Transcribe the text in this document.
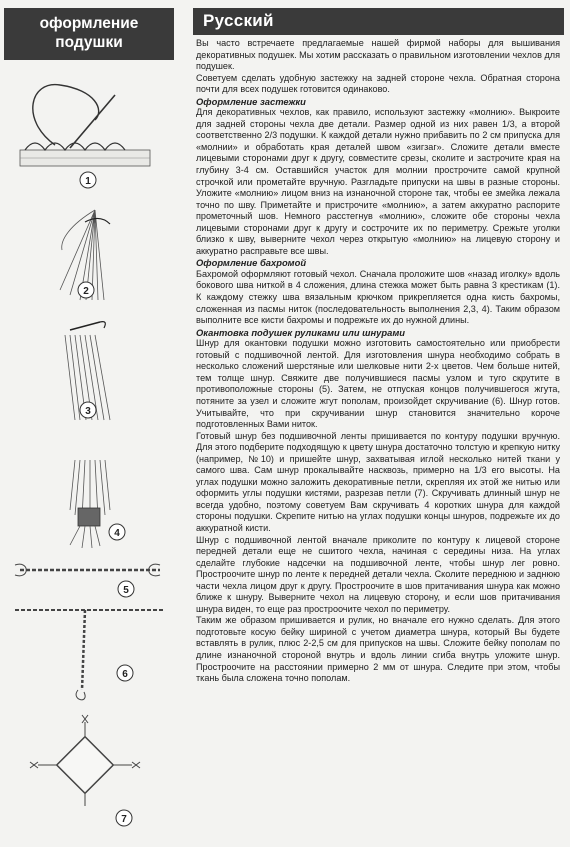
оформление
подушки
Русский
1
2
3
4
5
6
7

Вы часто встречаете предлагаемые нашей фирмой наборы для вышивания декоративных подушек. Мы хотим рассказать о правильном изготовлении чехлов для подушек.

Советуем сделать удобную застежку на задней стороне чехла. Обратная сторона почти для всех подушек готовится одинаково.

Оформление застежки

Для декоративных чехлов, как правило, используют застежку «молнию». Выкроите для задней стороны чехла две детали. Размер одной из них равен 1/3, а второй соответственно 2/3 подушки. К каждой детали нужно прибавить по 2 см припуска для «молнии» и обработать края деталей швом «зигзаг». Сложите детали вместе лицевыми сторонами друг к другу, совместите срезы, сколите и застрочите края на глубину 3-4 см. Оставшийся участок для молнии прострочите самой крупной строчкой или прометайте вручную. Разгладьте припуски на швы в разные стороны. Уложите «молнию» лицом вниз на изнаночной стороне так, чтобы ее змейка лежала точно по шву. Приметайте и пристрочите «молнию», а затем аккуратно распорите прометочный шов. Немного расстегнув «молнию», сложите обе стороны чехла лицевыми сторонами друг к другу и сострочите их по периметру. Срежьте уголки близко к шву, выверните чехол через открытую «молнию» на лицевую сторону и аккуратно расправьте все швы.

Оформление бахромой

Бахромой оформляют готовый чехол. Сначала проложите шов «назад иголку» вдоль бокового шва ниткой в 4 сложения, длина стежка может быть равна 3 крестикам (1). К каждому стежку шва вязальным крючком прикрепляется одна кисть бахромы, сложенная из пасмы ниток (последовательность выполнения 2,3, 4). Таким образом выполните все кисти бахромы и подрежьте их до нужной длины.

Окантовка подушек руликами или шнурами

Шнур для окантовки подушки можно изготовить самостоятельно или приобрести готовый с подшивочной лентой. Для изготовления шнура необходимо собрать в несколько сложений шерстяные или шелковые нити 2-х цветов. Чем больше нитей, тем толще шнур. Свяжите две получившиеся пасмы узлом и туго скрутите в противоположные стороны (5). Затем, не отпуская концов получившегося жгута, потяните за узел и сложите жгут пополам, произойдет скручивание (6). Шнур готов. Учитывайте, что при скручивании шнур становится значительно короче подготовленных Вами ниток.

Готовый шнур без подшивочной ленты пришивается по контуру подушки вручную. Для этого подберите подходящую к цвету шнура достаточно толстую и крепкую нитку (например, №10) и пришейте шнур, захватывая иглой несколько нитей ткани у самого шва. Сам шнур прокалывайте насквозь, примерно на 1/3 его высоты. На углах подушки можно заложить декоративные петли, скрепляя их этой же нитью или оформить углы подушки кистями, разрезав петли (7). Скручивать длинный шнур не всегда удобно, поэтому советуем Вам скручивать 4 коротких шнура для каждой стороны подушки. Скрепите нитью на углах подушки концы шнуров, подрежьте их до аккуратной кисти.

Шнур с подшивочной лентой вначале приколите по контуру к лицевой стороне передней детали еще не сшитого чехла, начиная с середины низа. На углах сделайте глубокие надсечки на подшивочной ленте, чтобы шнур лег ровно. Простроочите шнур по ленте к передней детали чехла. Сколите переднюю и заднюю части чехла лицом друг к другу. Простроочите в шов притачивания шнура как можно ближе к шнуру. Выверните чехол на лицевую сторону, и если шов притачивания шнура виден, то еще раз простроочите чехол по периметру.

Таким же образом пришивается и рулик, но вначале его нужно сделать. Для этого подготовьте косую бейку шириной с учетом диаметра шнура, который Вы будете вставлять в рулик, плюс 2-2,5 см для припусков на швы. Сложите бейку пополам по длине изнаночной стороной внутрь и вдоль линии сгиба внутрь уложите шнур. Простроочите на расстоянии примерно 2 мм от шнура. Следите при этом, чтобы ткань была сложена точно пополам.
